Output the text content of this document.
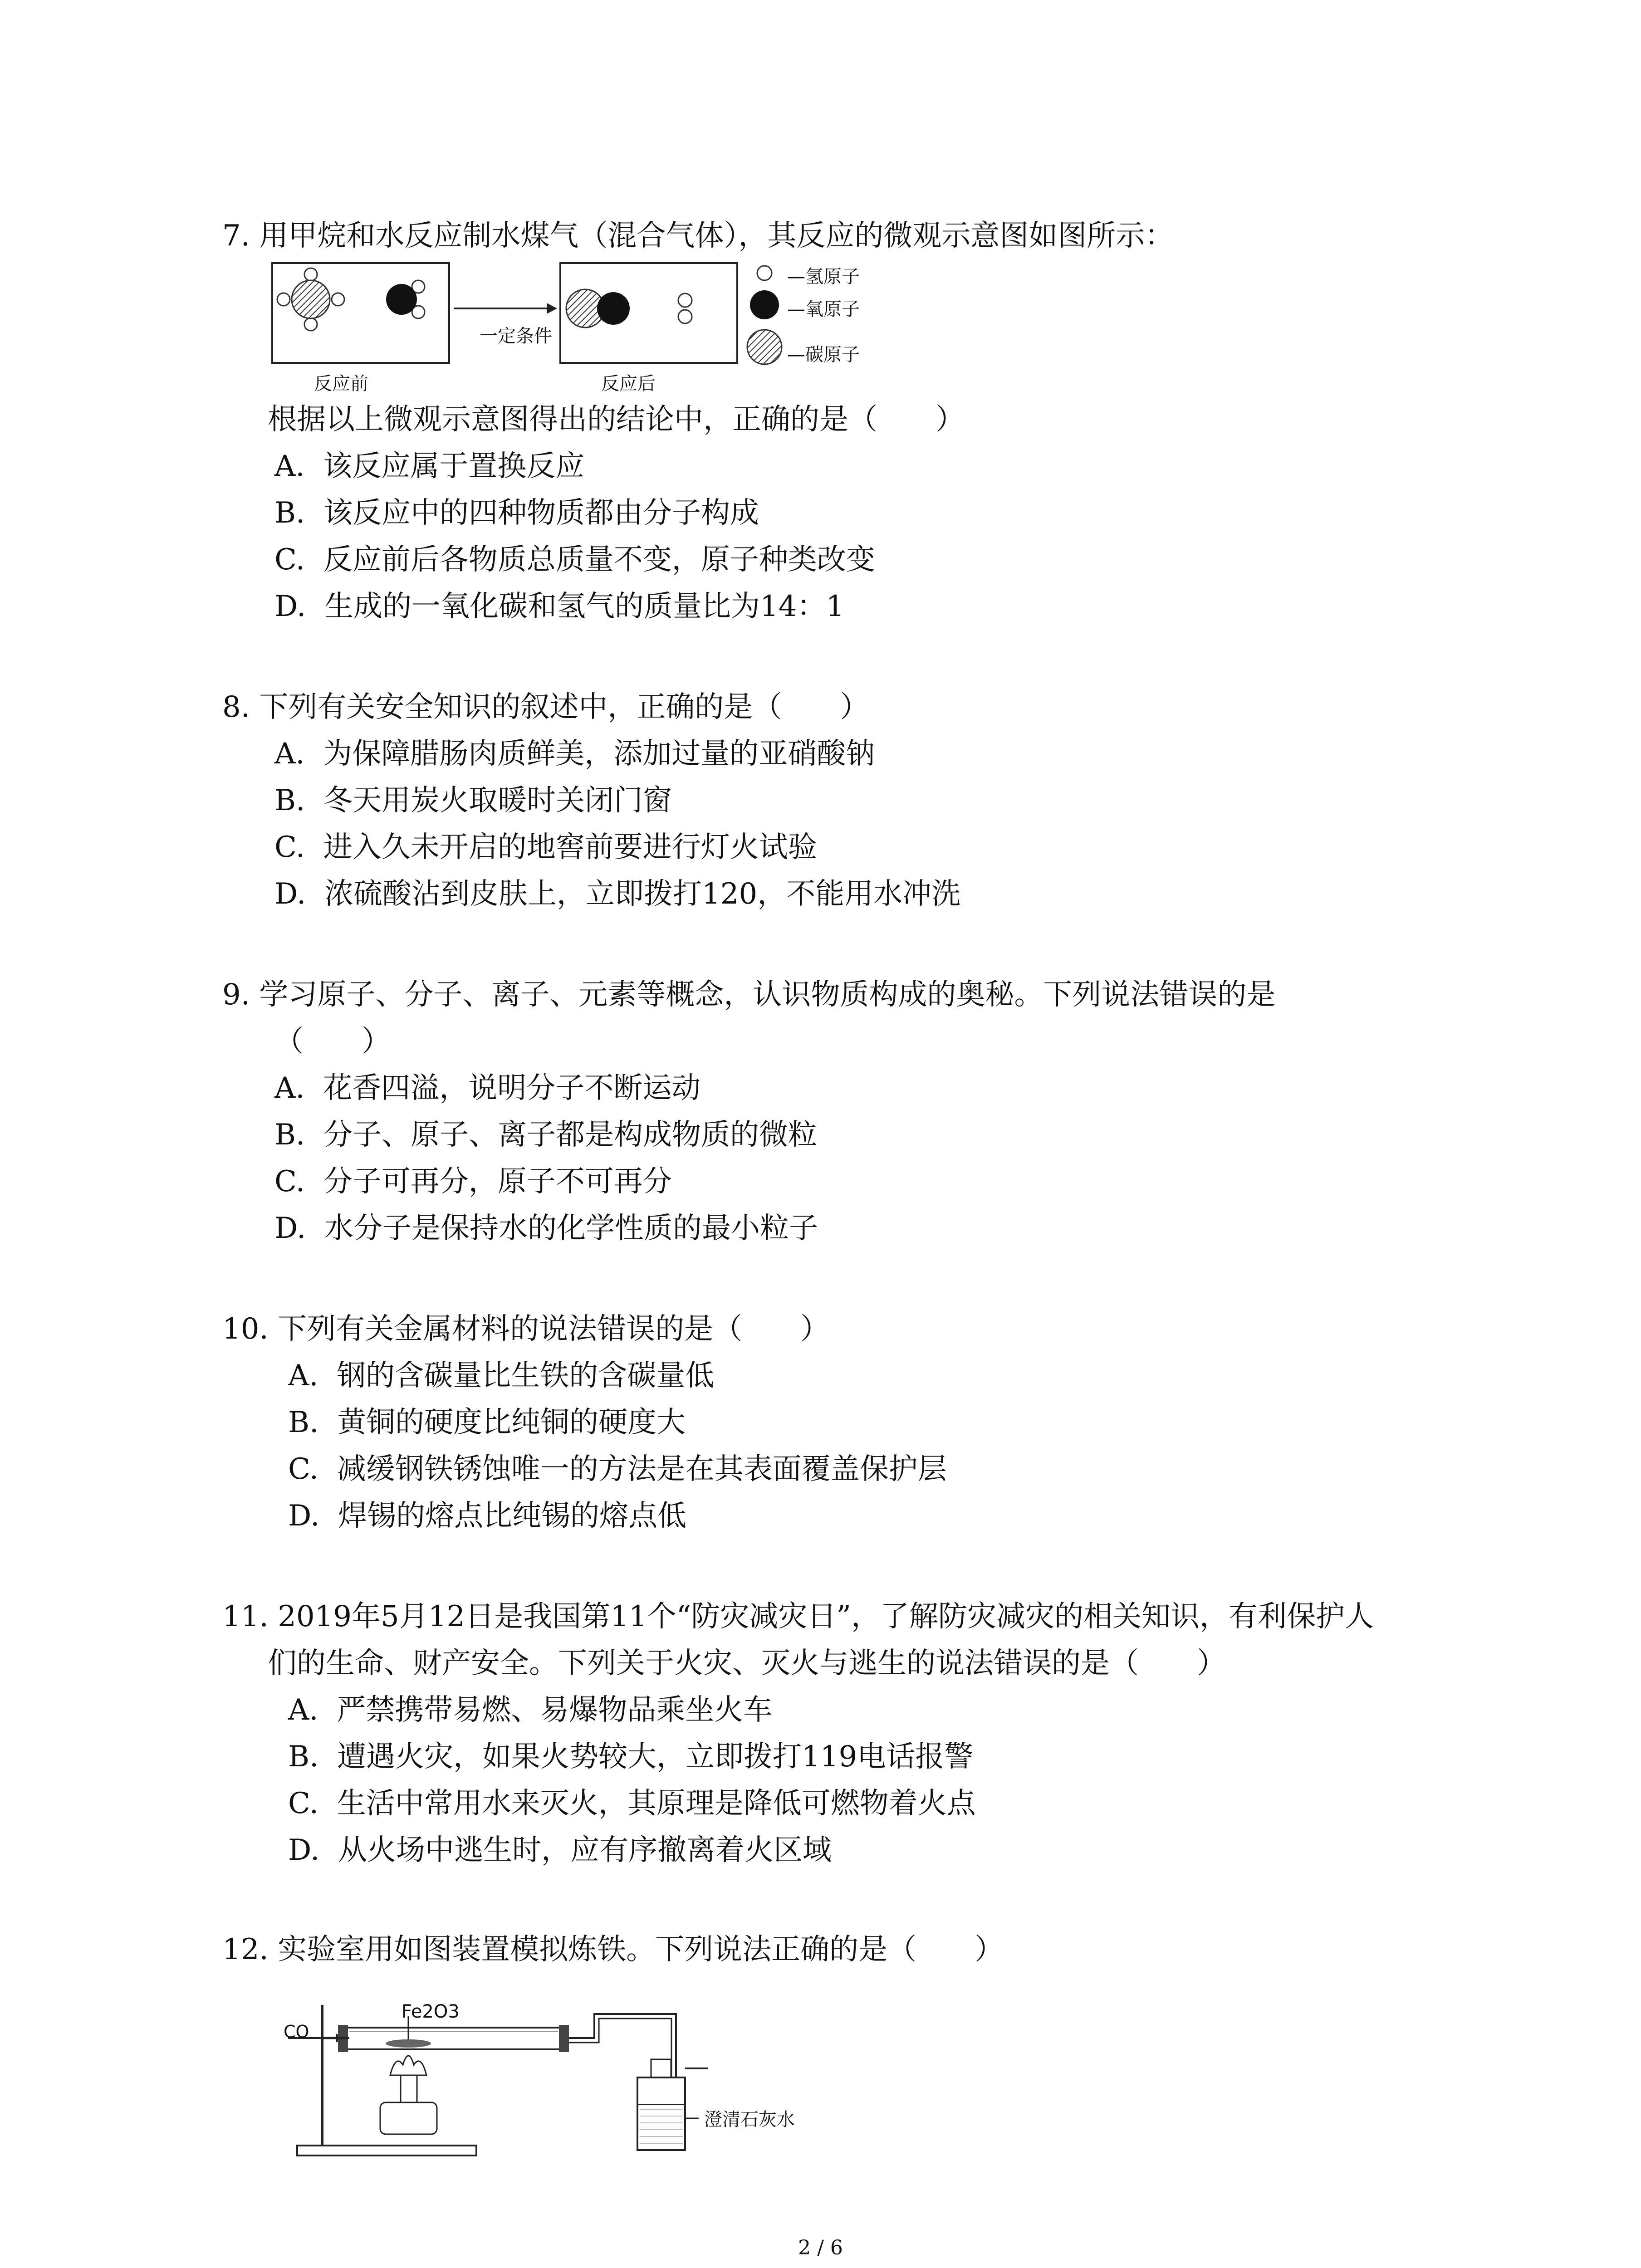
7. 用甲烷和水反应制水煤气（混合气体），其反应的微观示意图如图所示：
一定条件
反应前	反应后
—氢原子
—氧原子
—碳原子
根据以上微观示意图得出的结论中，正确的是（　　）
A. 该反应属于置换反应
B. 该反应中的四种物质都由分子构成
C. 反应前后各物质总质量不变，原子种类改变
D. 生成的一氧化碳和氢气的质量比为14：1
8. 下列有关安全知识的叙述中，正确的是（　　）
A. 为保障腊肠肉质鲜美，添加过量的亚硝酸钠
B. 冬天用炭火取暖时关闭门窗
C. 进入久未开启的地窖前要进行灯火试验
D. 浓硫酸沾到皮肤上，立即拨打120，不能用水冲洗
9. 学习原子、分子、离子、元素等概念，认识物质构成的奥秘。下列说法错误的是
（　　）
A. 花香四溢，说明分子不断运动
B. 分子、原子、离子都是构成物质的微粒
C. 分子可再分，原子不可再分
D. 水分子是保持水的化学性质的最小粒子
10. 下列有关金属材料的说法错误的是（　　）
A. 钢的含碳量比生铁的含碳量低
B. 黄铜的硬度比纯铜的硬度大
C. 减缓钢铁锈蚀唯一的方法是在其表面覆盖保护层
D. 焊锡的熔点比纯锡的熔点低
11. 2019年5月12日是我国第11个“防灾减灾日”，了解防灾减灾的相关知识，有利保护人
们的生命、财产安全。下列关于火灾、灭火与逃生的说法错误的是（　　）
A. 严禁携带易燃、易爆物品乘坐火车
B. 遭遇火灾，如果火势较大，立即拨打119电话报警
C. 生活中常用水来灭火，其原理是降低可燃物着火点
D. 从火场中逃生时，应有序撤离着火区域
12. 实验室用如图装置模拟炼铁。下列说法正确的是（　　）
Fe2O3
CO
澄清石灰水
2 / 6
